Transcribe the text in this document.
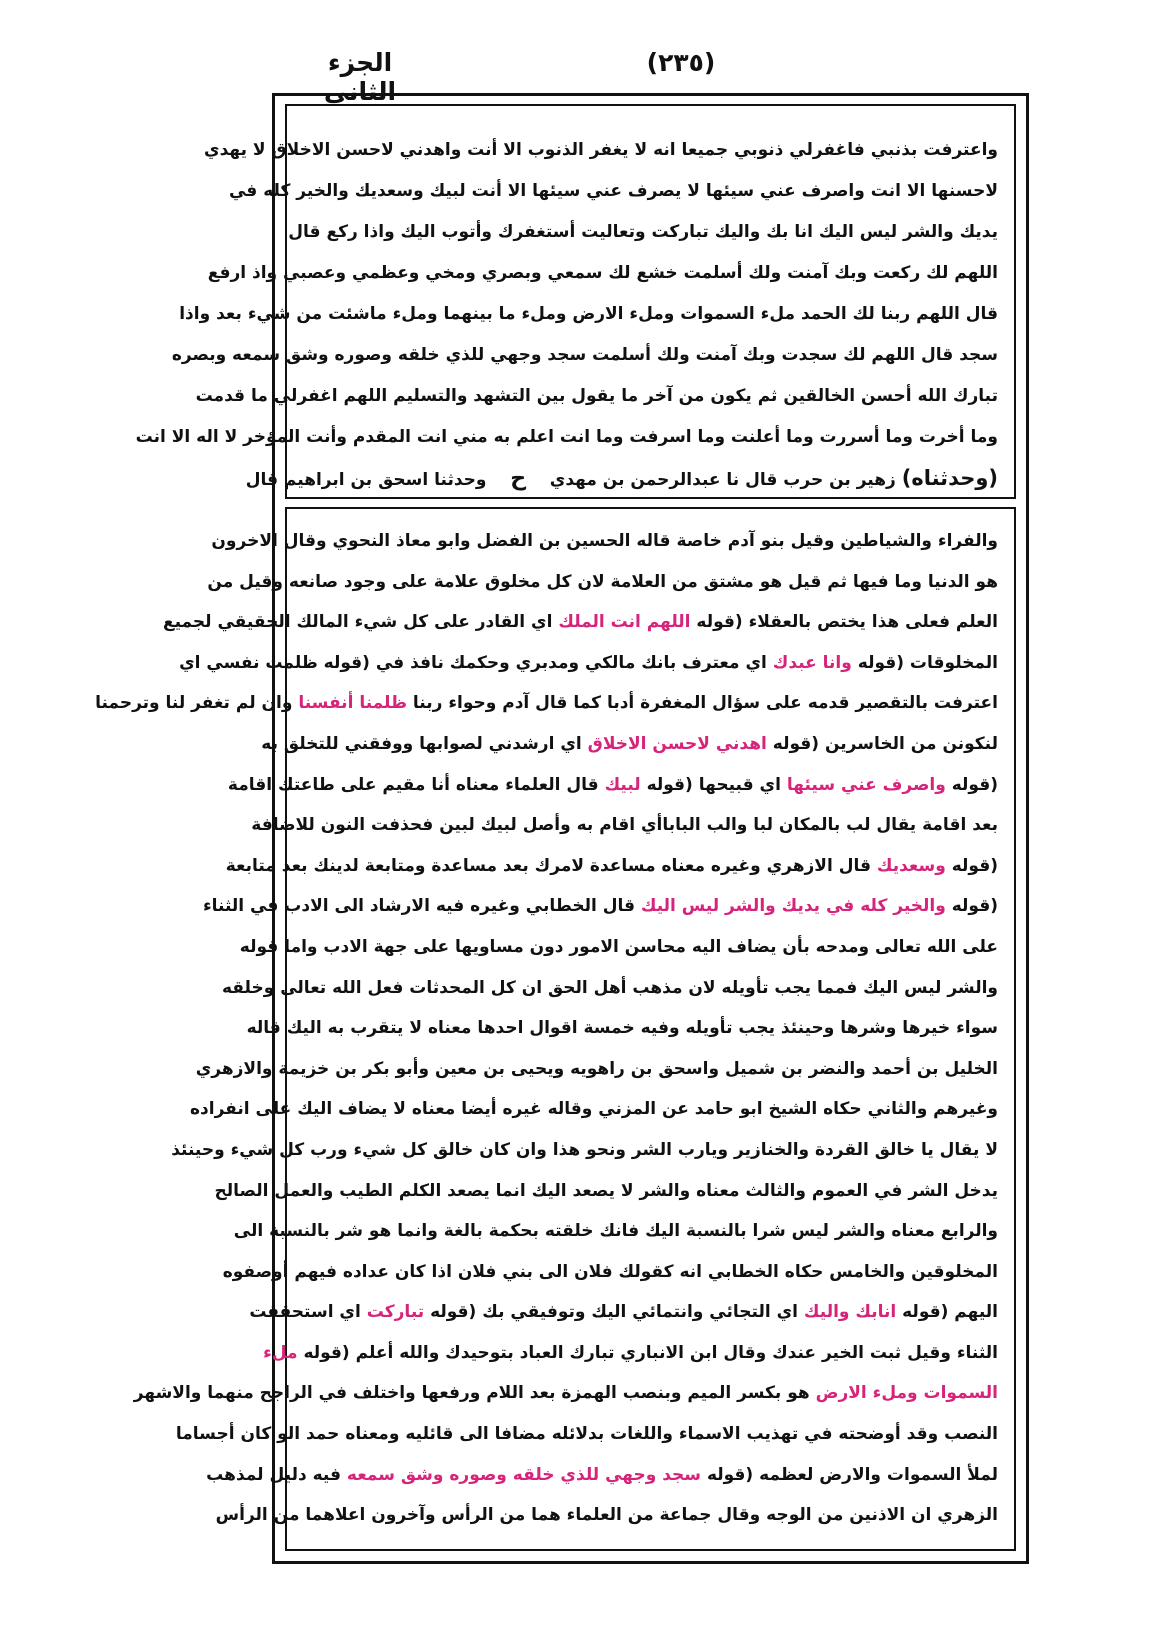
الجزء الثاني
(٢٣٥)
واعترفت بذنبي فاغفرلي ذنوبي جميعا انه لا يغفر الذنوب الا أنت واهدني لاحسن الاخلاق لا يهدي
لاحسنها الا انت واصرف عني سيئها لا يصرف عني سيئها الا أنت لبيك وسعديك والخير كله في
يديك والشر ليس اليك انا بك واليك تباركت وتعاليت أستغفرك وأتوب اليك واذا ركع قال
اللهم لك ركعت وبك آمنت ولك أسلمت خشع لك سمعي وبصري ومخي وعظمي وعصبي واذ ارفع
قال اللهم ربنا لك الحمد ملء السموات وملء الارض وملء ما بينهما وملء ماشئت من شيء بعد واذا
سجد قال اللهم لك سجدت وبك آمنت ولك أسلمت سجد وجهي للذي خلقه وصوره وشق سمعه وبصره
تبارك الله أحسن الخالقين ثم يكون من آخر ما يقول بين التشهد والتسليم اللهم اغفرلي ما قدمت
وما أخرت وما أسررت وما أعلنت وما اسرفت وما انت اعلم به مني انت المقدم وأنت المؤخر لا اله الا انت
(وحدثناه) زهير بن حرب قال نا عبدالرحمن بن مهدي    ح    وحدثنا اسحق بن ابراهيم قال
والفراء والشياطين وقيل بنو آدم خاصة قاله الحسين بن الفضل وابو معاذ النحوي وقال الاخرون
هو الدنيا وما فيها ثم قيل هو مشتق من العلامة لان كل مخلوق علامة على وجود صانعه وقيل من
العلم فعلى هذا يختص بالعقلاء (قوله اللهم انت الملك اي القادر على كل شيء المالك الحقيقي لجميع
المخلوقات (قوله وانا عبدك اي معترف بانك مالكي ومدبري وحكمك نافذ في (قوله ظلمت نفسي اي
اعترفت بالتقصير قدمه على سؤال المغفرة أدبا كما قال آدم وحواء ربنا ظلمنا أنفسنا وان لم تغفر لنا وترحمنا
لنكونن من الخاسرين (قوله اهدني لاحسن الاخلاق اي ارشدني لصوابها ووفقني للتخلق به
(قوله واصرف عني سيئها اي قبيحها (قوله لبيك قال العلماء معناه أنا مقيم على طاعتك اقامة
بعد اقامة يقال لب بالمكان لبا والب الباباأي اقام به وأصل لبيك لبين فحذفت النون للاضافة
(قوله وسعديك قال الازهري وغيره معناه مساعدة لامرك بعد مساعدة ومتابعة لدينك بعد متابعة
(قوله والخير كله في يديك والشر ليس اليك قال الخطابي وغيره فيه الارشاد الى الادب في الثناء
على الله تعالى ومدحه بأن يضاف اليه محاسن الامور دون مساويها على جهة الادب واما قوله
والشر ليس اليك فمما يجب تأويله لان مذهب أهل الحق ان كل المحدثات فعل الله تعالى وخلقه
سواء خيرها وشرها وحينئذ يجب تأويله وفيه خمسة اقوال احدها معناه لا يتقرب به اليك قاله
الخليل بن أحمد والنضر بن شميل واسحق بن راهويه ويحيى بن معين وأبو بكر بن خزيمة والازهري
وغيرهم والثاني حكاه الشيخ ابو حامد عن المزني وقاله غيره أيضا معناه لا يضاف اليك على انفراده
لا يقال يا خالق القردة والخنازير ويارب الشر ونحو هذا وان كان خالق كل شيء ورب كل شيء وحينئذ
يدخل الشر في العموم والثالث معناه والشر لا يصعد اليك انما يصعد الكلم الطيب والعمل الصالح
والرابع معناه والشر ليس شرا بالنسبة اليك فانك خلقته بحكمة بالغة وانما هو شر بالنسبة الى
المخلوقين والخامس حكاه الخطابي انه كقولك فلان الى بني فلان اذا كان عداده فيهم أوصفوه
اليهم (قوله انابك واليك اي التجائي وانتمائي اليك وتوفيقي بك (قوله تباركت اي استحققت
الثناء وقيل ثبت الخير عندك وقال ابن الانباري تبارك العباد بتوحيدك والله أعلم (قوله ملء
السموات وملء الارض هو بكسر الميم وبنصب الهمزة بعد اللام ورفعها واختلف في الراجح منهما والاشهر
النصب وقد أوضحته في تهذيب الاسماء واللغات بدلائله مضافا الى قائليه ومعناه حمد الو كان أجساما
لملأ السموات والارض لعظمه (قوله سجد وجهي للذي خلقه وصوره وشق سمعه فيه دليل لمذهب
الزهري ان الاذنين من الوجه وقال جماعة من العلماء هما من الرأس وآخرون اعلاهما من الرأس
